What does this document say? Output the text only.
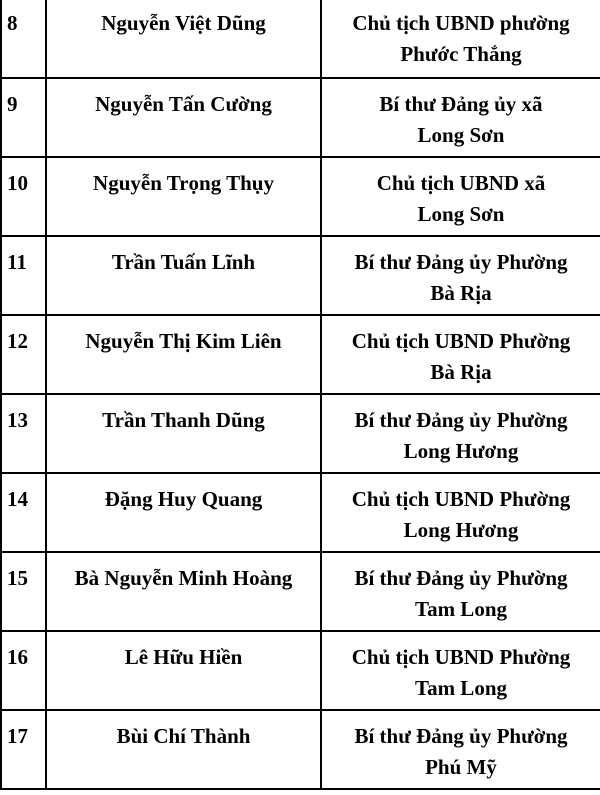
8	Nguyễn Việt Dũng	Chủ tịch UBND phường
Phước Thắng

9	Nguyễn Tấn Cường	Bí thư Đảng ủy xã
Long Sơn

10	Nguyễn Trọng Thụy	Chủ tịch UBND xã
Long Sơn

11	Trần Tuấn Lĩnh	Bí thư Đảng ủy Phường
Bà Rịa

12	Nguyễn Thị Kim Liên	Chủ tịch UBND Phường
Bà Rịa

13	Trần Thanh Dũng	Bí thư Đảng ủy Phường
Long Hương

14	Đặng Huy Quang	Chủ tịch UBND Phường
Long Hương

15	Bà Nguyễn Minh Hoàng	Bí thư Đảng ủy Phường
Tam Long

16	Lê Hữu Hiền	Chủ tịch UBND Phường
Tam Long

17	Bùi Chí Thành	Bí thư Đảng ủy Phường
Phú Mỹ
